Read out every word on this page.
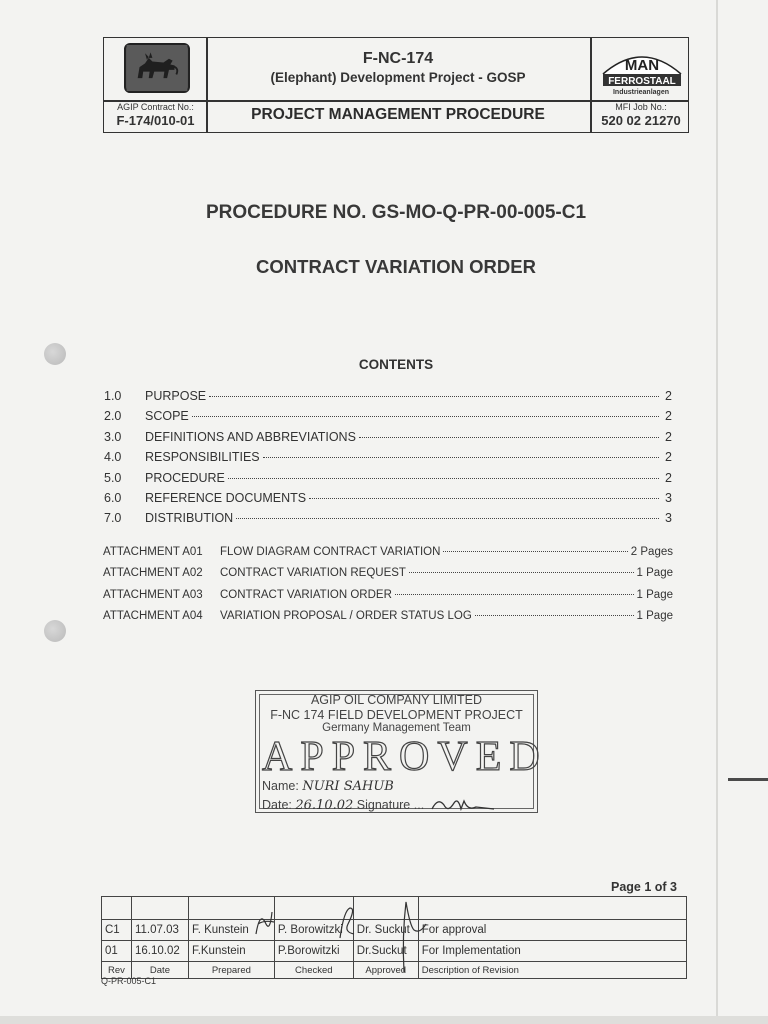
F-NC-174
(Elephant) Development Project - GOSP
PROJECT MANAGEMENT PROCEDURE
AGIP Contract No.:
F-174/010-01
MAN
FERROSTAAL
Industrieanlagen
MFI Job No.:
520 02 21270
PROCEDURE NO. GS-MO-Q-PR-00-005-C1
CONTRACT VARIATION ORDER
CONTENTS
1.0	PURPOSE	2
2.0	SCOPE	2
3.0	DEFINITIONS AND ABBREVIATIONS	2
4.0	RESPONSIBILITIES	2
5.0	PROCEDURE	2
6.0	REFERENCE DOCUMENTS	3
7.0	DISTRIBUTION	3
ATTACHMENT A01	FLOW DIAGRAM CONTRACT VARIATION	2 Pages
ATTACHMENT A02	CONTRACT VARIATION REQUEST	1 Page
ATTACHMENT A03	CONTRACT VARIATION ORDER	1 Page
ATTACHMENT A04	VARIATION PROPOSAL / ORDER STATUS LOG	1 Page
AGIP OIL COMPANY LIMITED
F-NC 174 FIELD DEVELOPMENT PROJECT
Germany Management Team
APPROVED
Name: NURI SAHUB
Date: 26.10.02 Signature ...
Page 1 of 3

C1	11.07.03	F. Kunstein	P. Borowitzki	Dr. Suckut	For approval
01	16.10.02	F.Kunstein	P.Borowitzki	Dr.Suckut	For Implementation
Rev	Date	Prepared	Checked	Approved	Description of Revision
Q-PR-005-C1
